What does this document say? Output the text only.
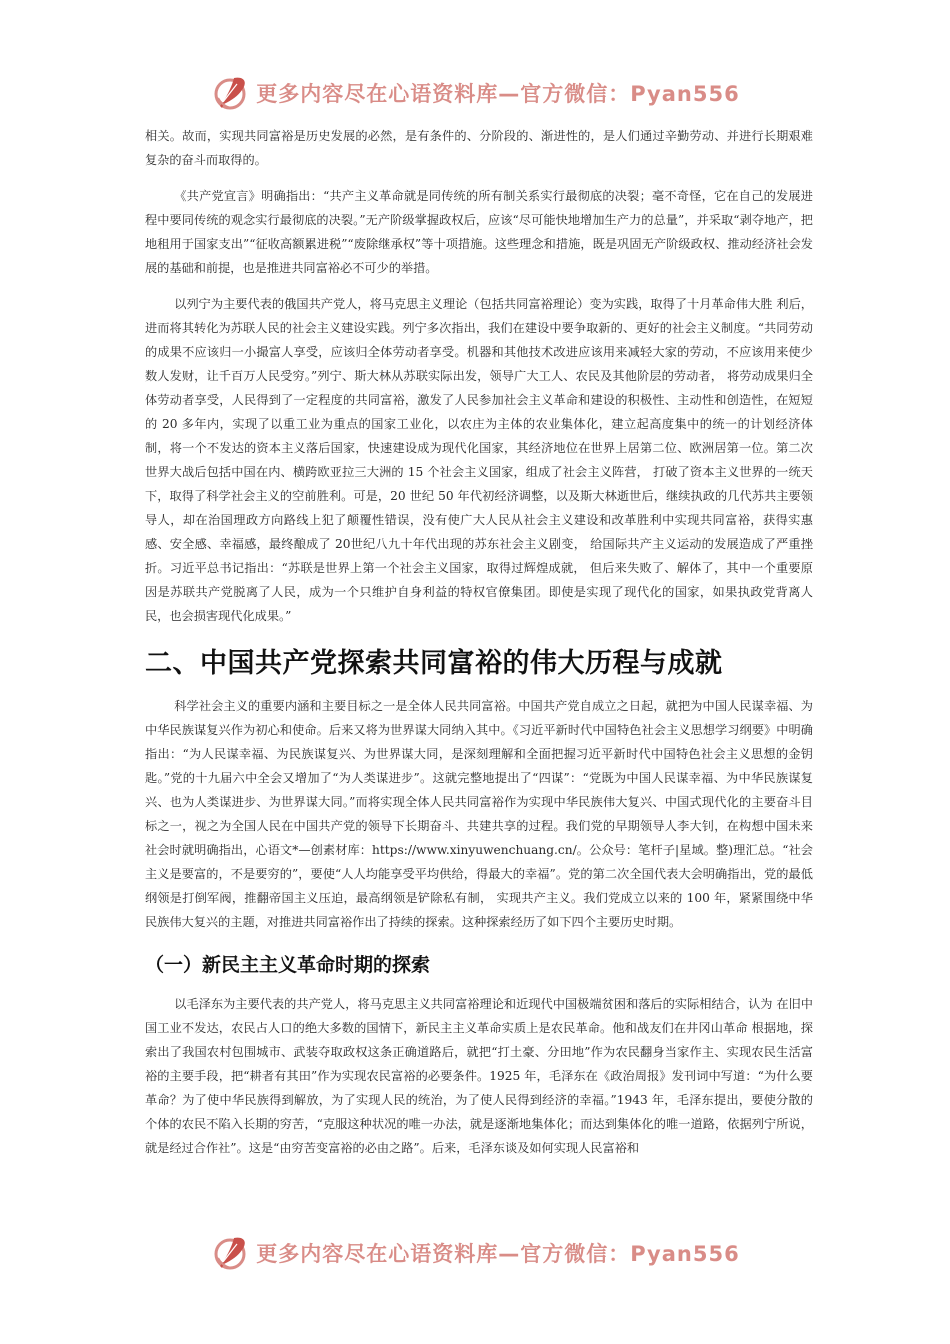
更多内容尽在心语资料库—官方微信：Pyan556

相关。故而，实现共同富裕是历史发展的必然，是有条件的、分阶段的、渐进性的，是人们通过辛勤劳动、并进行长期艰难复杂的奋斗而取得的。

《共产党宣言》明确指出：“共产主义革命就是同传统的所有制关系实行最彻底的决裂；毫不奇怪，它在自己的发展进程中要同传统的观念实行最彻底的决裂。”无产阶级掌握政权后，应该“尽可能快地增加生产力的总量”，并采取“剥夺地产，把地租用于国家支出”“征收高额累进税”“废除继承权”等十项措施。这些理念和措施，既是巩固无产阶级政权、推动经济社会发展的基础和前提，也是推进共同富裕必不可少的举措。

以列宁为主要代表的俄国共产党人，将马克思主义理论（包括共同富裕理论）变为实践，取得了十月革命伟大胜 利后，进而将其转化为苏联人民的社会主义建设实践。列宁多次指出，我们在建设中要争取新的、更好的社会主义制度。“共同劳动的成果不应该归一小撮富人享受，应该归全体劳动者享受。机器和其他技术改进应该用来减轻大家的劳动，不应该用来使少数人发财，让千百万人民受穷。”列宁、斯大林从苏联实际出发，领导广大工人、农民及其他阶层的劳动者， 将劳动成果归全体劳动者享受，人民得到了一定程度的共同富裕，激发了人民参加社会主义革命和建设的积极性、主动性和创造性，在短短的 20 多年内，实现了以重工业为重点的国家工业化，以农庄为主体的农业集体化，建立起高度集中的统一的计划经济体制，将一个不发达的资本主义落后国家，快速建设成为现代化国家，其经济地位在世界上居第二位、欧洲居第一位。第二次世界大战后包括中国在内、横跨欧亚拉三大洲的 15 个社会主义国家，组成了社会主义阵营， 打破了资本主义世界的一统天下，取得了科学社会主义的空前胜利。可是，20 世纪 50 年代初经济调整，以及斯大林逝世后，继续执政的几代苏共主要领导人，却在治国理政方向路线上犯了颠覆性错误，没有使广大人民从社会主义建设和改革胜利中实现共同富裕，获得实惠感、安全感、幸福感，最终酿成了 20世纪八九十年代出现的苏东社会主义剧变， 给国际共产主义运动的发展造成了严重挫折。习近平总书记指出：“苏联是世界上第一个社会主义国家，取得过辉煌成就， 但后来失败了、解体了，其中一个重要原因是苏联共产党脱离了人民，成为一个只维护自身利益的特权官僚集团。即使是实现了现代化的国家，如果执政党背离人民，也会损害现代化成果。”

二、中国共产党探索共同富裕的伟大历程与成就

科学社会主义的重要内涵和主要目标之一是全体人民共同富裕。中国共产党自成立之日起，就把为中国人民谋幸福、为中华民族谋复兴作为初心和使命。后来又将为世界谋大同纳入其中。《习近平新时代中国特色社会主义思想学习纲要》中明确指出：“为人民谋幸福、为民族谋复兴、为世界谋大同，是深刻理解和全面把握习近平新时代中国特色社会主义思想的金钥匙。”党的十九届六中全会又增加了“为人类谋进步”。这就完整地提出了“四谋”：“党既为中国人民谋幸福、为中华民族谋复兴、也为人类谋进步、为世界谋大同。”而将实现全体人民共同富裕作为实现中华民族伟大复兴、中国式现代化的主要奋斗目标之一，视之为全国人民在中国共产党的领导下长期奋斗、共建共享的过程。我们党的早期领导人李大钊，在构想中国未来社会时就明确指出，心语文*—创素材库：https://www.xinyuwenchuang.cn/。公众号：笔杆子|星域。整)理汇总。“社会主义是要富的，不是要穷的”，要使“人人均能享受平均供给，得最大的幸福”。党的第二次全国代表大会明确指出，党的最低纲领是打倒军阀，推翻帝国主义压迫，最高纲领是铲除私有制， 实现共产主义。我们党成立以来的 100 年，紧紧围绕中华民族伟大复兴的主题，对推进共同富裕作出了持续的探索。这种探索经历了如下四个主要历史时期。

（一）新民主主义革命时期的探索

以毛泽东为主要代表的共产党人，将马克思主义共同富裕理论和近现代中国极端贫困和落后的实际相结合，认为 在旧中国工业不发达，农民占人口的绝大多数的国情下，新民主主义革命实质上是农民革命。他和战友们在井冈山革命 根据地，探索出了我国农村包围城市、武装夺取政权这条正确道路后，就把“打土豪、分田地”作为农民翻身当家作主、实现农民生活富裕的主要手段，把“耕者有其田”作为实现农民富裕的必要条件。1925 年，毛泽东在《政治周报》发刊词中写道：“为什么要革命？为了使中华民族得到解放，为了实现人民的统治，为了使人民得到经济的幸福。”1943 年，毛泽东提出，要使分散的个体的农民不陷入长期的穷苦，“克服这种状况的唯一办法，就是逐渐地集体化；而达到集体化的唯一道路，依据列宁所说，就是经过合作社”。这是“由穷苦变富裕的必由之路”。后来，毛泽东谈及如何实现人民富裕和

更多内容尽在心语资料库—官方微信：Pyan556
